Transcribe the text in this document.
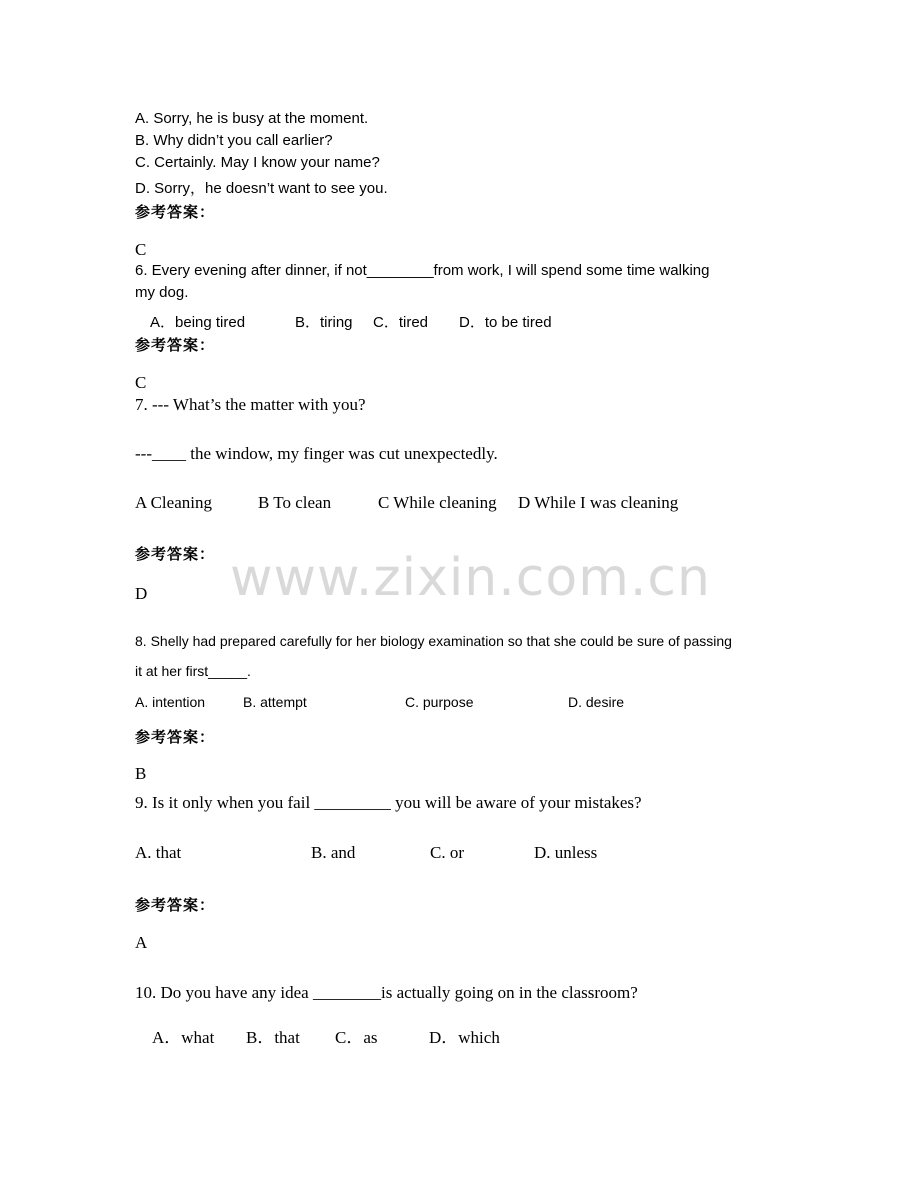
A. Sorry, he is busy at the moment.
B. Why didn’t you call earlier?
C. Certainly. May I know your name?
D. Sorry，he doesn’t want to see you.
参考答案：
C
6. Every evening after dinner, if not________from work, I will spend some time walking
my dog.
A．being tired	B．tiring C．tired D．to be tired
参考答案：
C
7. --- What’s the matter with you?
---____ the window, my finger was cut unexpectedly.
A Cleaning	B To clean	C While cleaning D While I was cleaning
参考答案：
D www.zixin.com.cn
8. Shelly had prepared carefully for her biology examination so that she could be sure of passing
it at her first_____.
A. intention	B. attempt	C. purpose	D. desire
参考答案：
B
9. Is it only when you fail _________ you will be aware of your mistakes?
A. that	B. and	C. or	D. unless
参考答案：
A
10. Do you have any idea ________is actually going on in the classroom?
A．what B．that C．as	D．which
